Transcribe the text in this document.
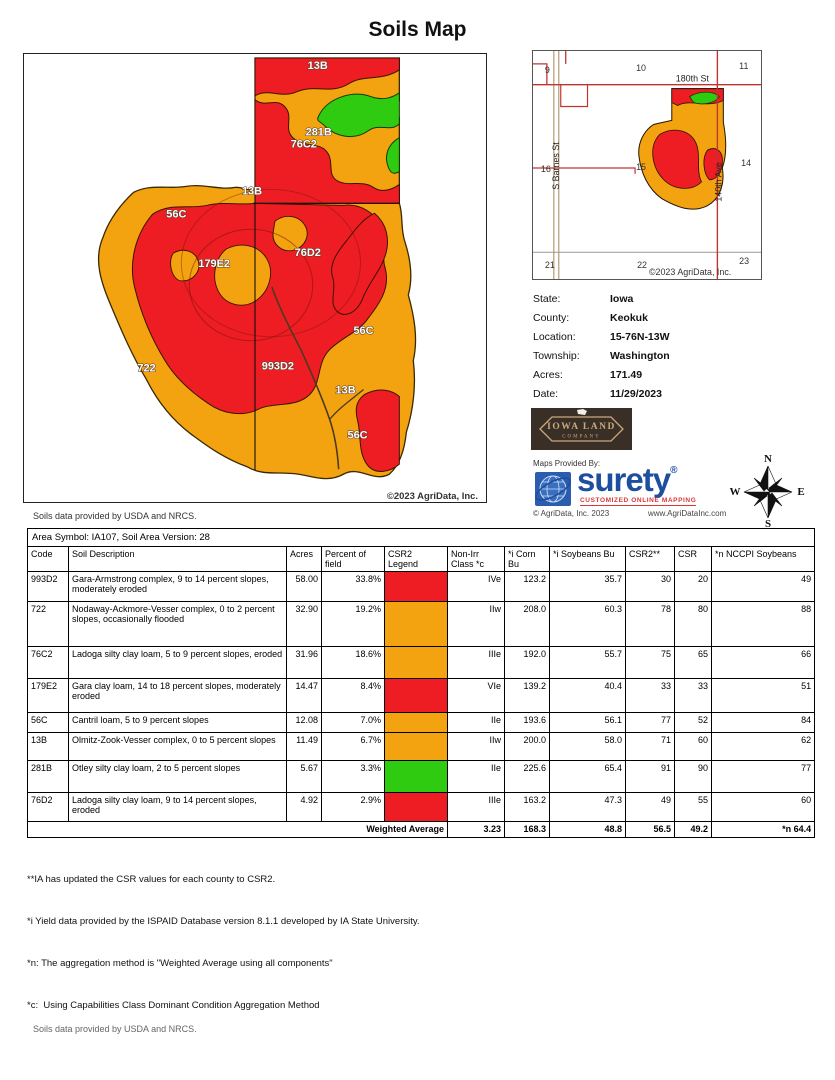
Soils Map
13B
281B
76C2
13B
56C
76D2
179E2
56C
722	993D2
13B
56C
©2023 AgriData, Inc.
9	10	11
16	15	14
21	22	23
180th St
S Barnes St	140th Ave
©2023 AgriData, Inc.
State:	Iowa
County:	Keokuk
Location:	15-76N-13W
Township:	Washington
Acres:	171.49
Date:	11/29/2023
IOWA LAND
COMPANY
Maps Provided By:
surety®
CUSTOMIZED ONLINE MAPPING
© AgriData, Inc. 2023	www.AgriDataInc.com
N
E
S
W
Soils data provided by USDA and NRCS.
Area Symbol: IA107, Soil Area Version: 28										
Code	Soil Description	Acres	Percent of field	CSR2 Legend	Non-Irr Class *c	*i Corn Bu	*i Soybeans Bu	CSR2**	CSR	*n NCCPI Soybeans
993D2	Gara-Armstrong complex, 9 to 14 percent slopes, moderately eroded	58.00	33.8%		IVe	123.2	35.7	30	20	49
722	Nodaway-Ackmore-Vesser complex, 0 to 2 percent slopes, occasionally flooded	32.90	19.2%		IIw	208.0	60.3	78	80	88
76C2	Ladoga silty clay loam, 5 to 9 percent slopes, eroded	31.96	18.6%		IIIe	192.0	55.7	75	65	66
179E2	Gara clay loam, 14 to 18 percent slopes, moderately eroded	14.47	8.4%		VIe	139.2	40.4	33	33	51
56C	Cantril loam, 5 to 9 percent slopes	12.08	7.0%		IIe	193.6	56.1	77	52	84
13B	Olmitz-Zook-Vesser complex, 0 to 5 percent slopes	11.49	6.7%		IIw	200.0	58.0	71	60	62
281B	Otley silty clay loam, 2 to 5 percent slopes	5.67	3.3%		IIe	225.6	65.4	91	90	77
76D2	Ladoga silty clay loam, 9 to 14 percent slopes, eroded	4.92	2.9%		IIIe	163.2	47.3	49	55	60
Weighted Average					3.23	168.3	48.8	56.5	49.2	*n 64.4

**IA has updated the CSR values for each county to CSR2.

*i Yield data provided by the ISPAID Database version 8.1.1 developed by IA State University.

*n: The aggregation method is "Weighted Average using all components"

*c:  Using Capabilities Class Dominant Condition Aggregation Method

Soils data provided by USDA and NRCS.
